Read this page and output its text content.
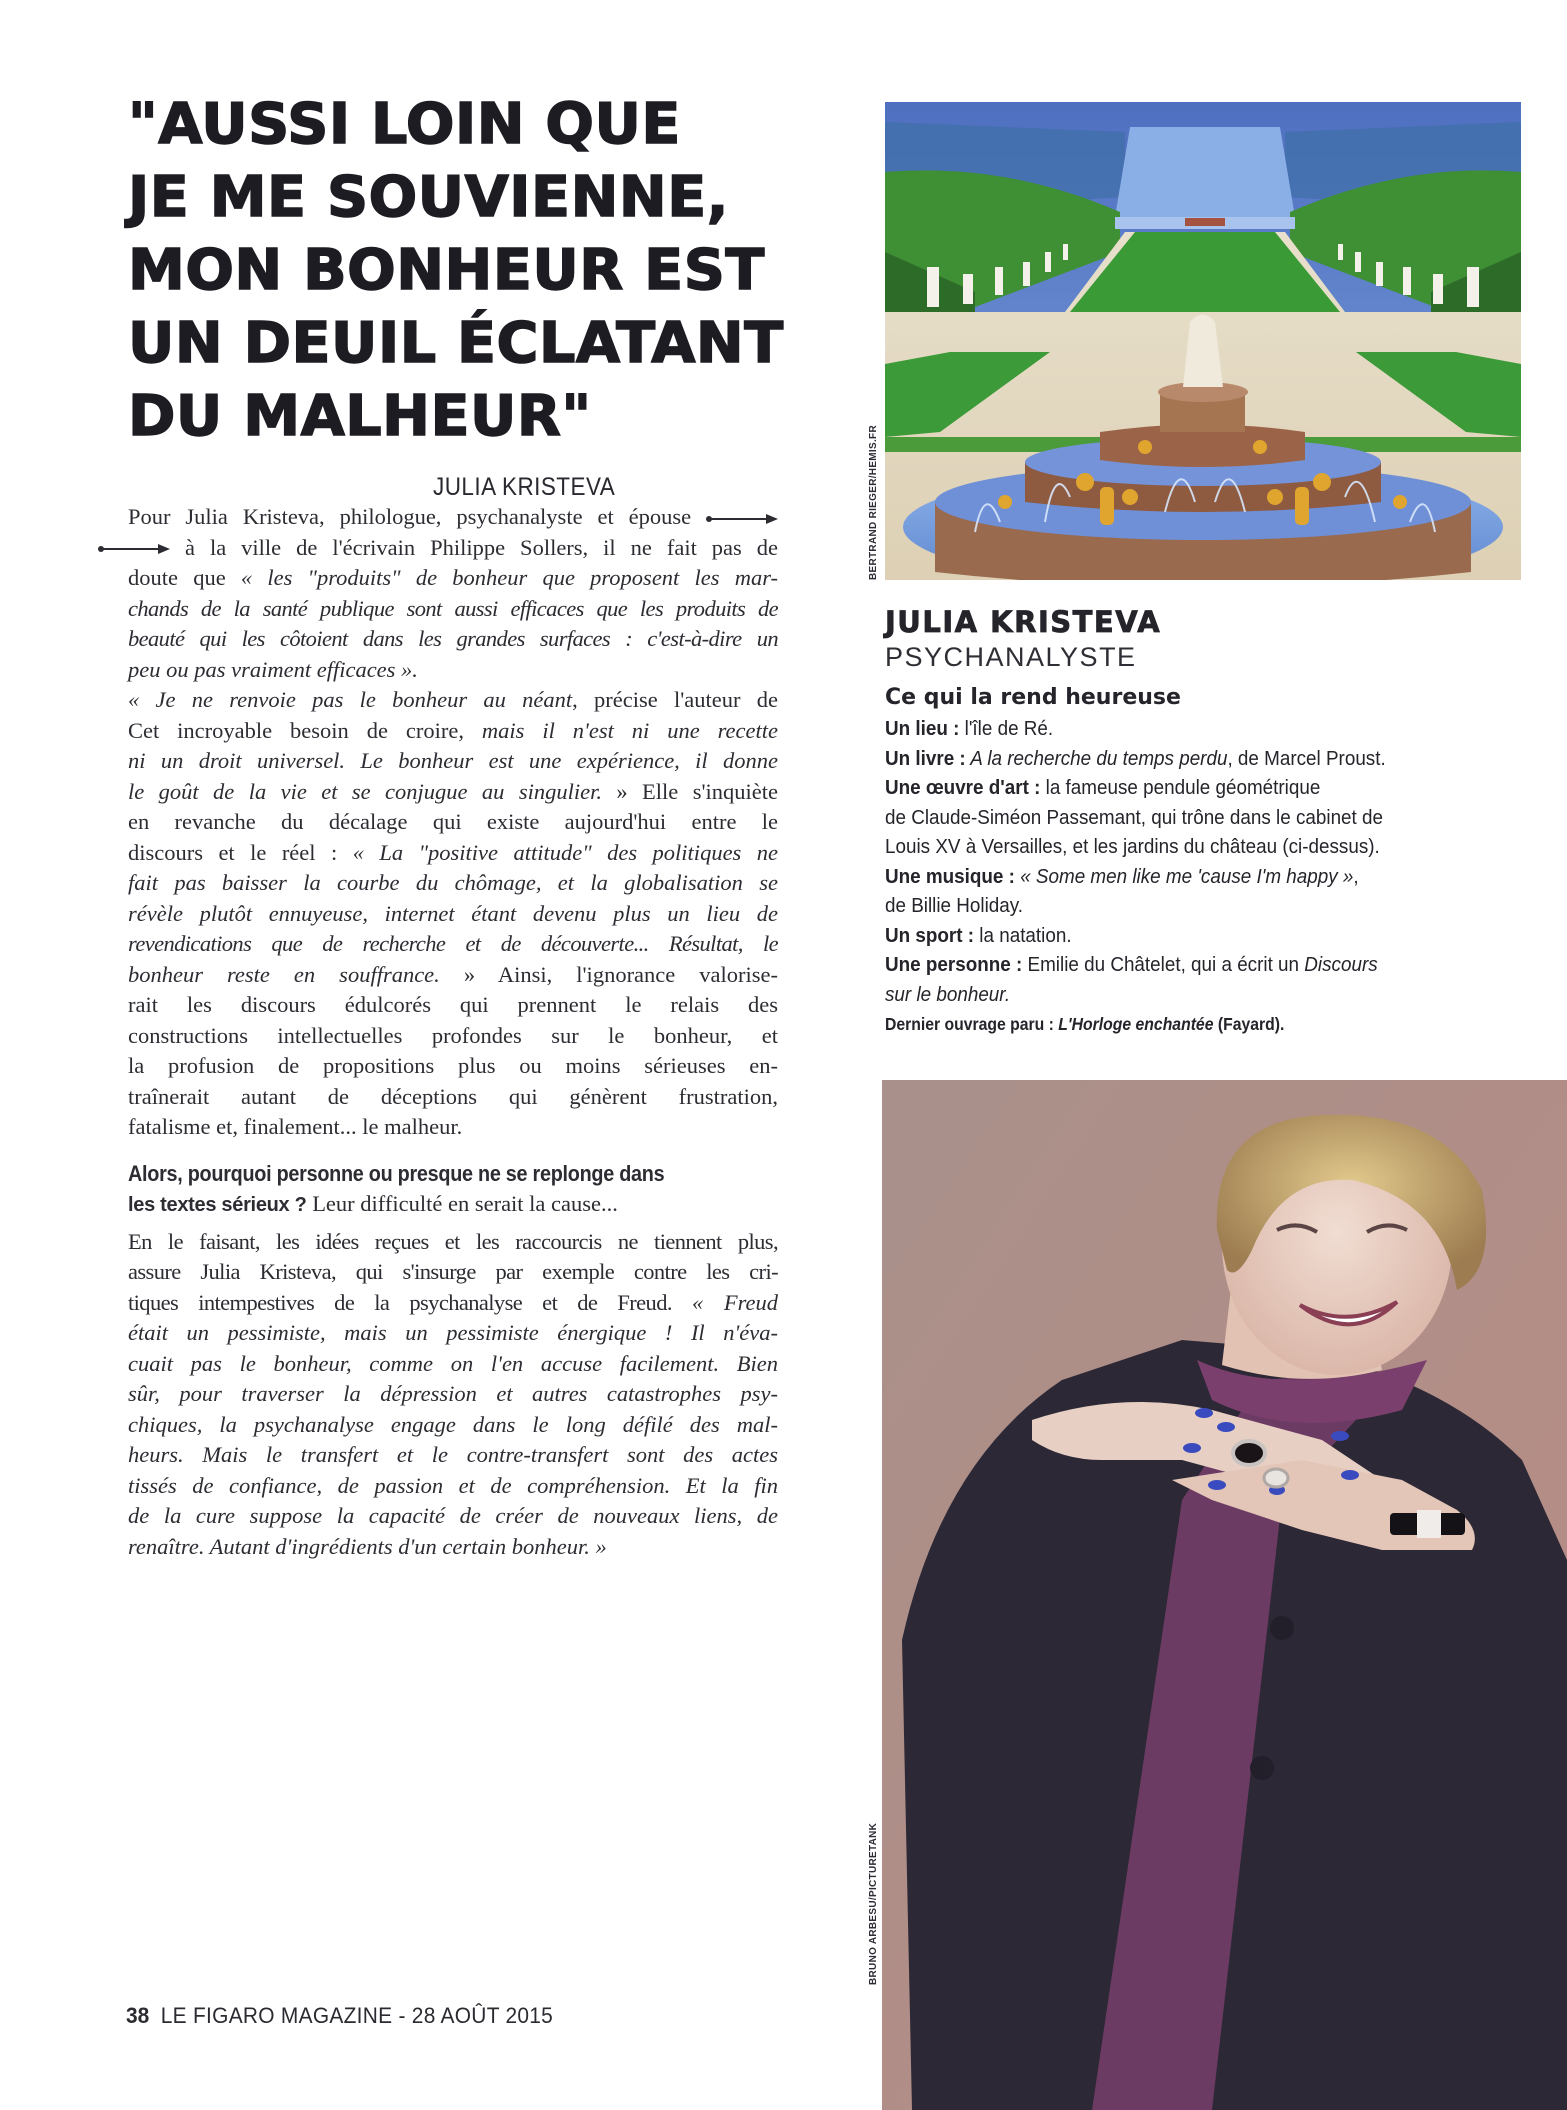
"AUSSI LOIN QUE
JE ME SOUVIENNE,
MON BONHEUR EST
UN DEUIL ÉCLATANT
DU MALHEUR"
JULIA KRISTEVA

Pour Julia Kristeva, philologue, psychanalyste et épouse
à la ville de l'écrivain Philippe Sollers, il ne fait pas de
doute que « les "produits" de bonheur que proposent les mar-
chands de la santé publique sont aussi efficaces que les produits de
beauté qui les côtoient dans les grandes surfaces : c'est-à-dire un
peu ou pas vraiment efficaces ».

« Je ne renvoie pas le bonheur au néant, précise l'auteur de
Cet incroyable besoin de croire, mais il n'est ni une recette
ni un droit universel. Le bonheur est une expérience, il donne
le goût de la vie et se conjugue au singulier. » Elle s'inquiète
en revanche du décalage qui existe aujourd'hui entre le
discours et le réel : « La "positive attitude" des politiques ne
fait pas baisser la courbe du chômage, et la globalisation se
révèle plutôt ennuyeuse, internet étant devenu plus un lieu de
revendications que de recherche et de découverte... Résultat, le
bonheur reste en souffrance. » Ainsi, l'ignorance valorise-
rait les discours édulcorés qui prennent le relais des
constructions intellectuelles profondes sur le bonheur, et
la profusion de propositions plus ou moins sérieuses en-
traînerait autant de déceptions qui génèrent frustration,
fatalisme et, finalement... le malheur.

Alors, pourquoi personne ou presque ne se replonge dans
les textes sérieux ? Leur difficulté en serait la cause...

En le faisant, les idées reçues et les raccourcis ne tiennent plus,
assure Julia Kristeva, qui s'insurge par exemple contre les cri-
tiques intempestives de la psychanalyse et de Freud. « Freud
était un pessimiste, mais un pessimiste énergique ! Il n'éva-
cuait pas le bonheur, comme on l'en accuse facilement. Bien
sûr, pour traverser la dépression et autres catastrophes psy-
chiques, la psychanalyse engage dans le long défilé des mal-
heurs. Mais le transfert et le contre-transfert sont des actes
tissés de confiance, de passion et de compréhension. Et la fin
de la cure suppose la capacité de créer de nouveaux liens, de
renaître. Autant d'ingrédients d'un certain bonheur. »

BERTRAND RIEGER/HEMIS.FR
JULIA KRISTEVA
PSYCHANALYSTE
Ce qui la rend heureuse
Un lieu : l'île de Ré.
Un livre : A la recherche du temps perdu, de Marcel Proust.
Une œuvre d'art : la fameuse pendule géométrique
de Claude-Siméon Passemant, qui trône dans le cabinet de
Louis XV à Versailles, et les jardins du château (ci-dessus).
Une musique : « Some men like me 'cause I'm happy »,
de Billie Holiday.
Un sport : la natation.
Une personne : Emilie du Châtelet, qui a écrit un Discours
sur le bonheur.
Dernier ouvrage paru : L'Horloge enchantée (Fayard).
BRUNO ARBESU/PICTURETANK
38 LE FIGARO MAGAZINE - 28 AOÛT 2015
